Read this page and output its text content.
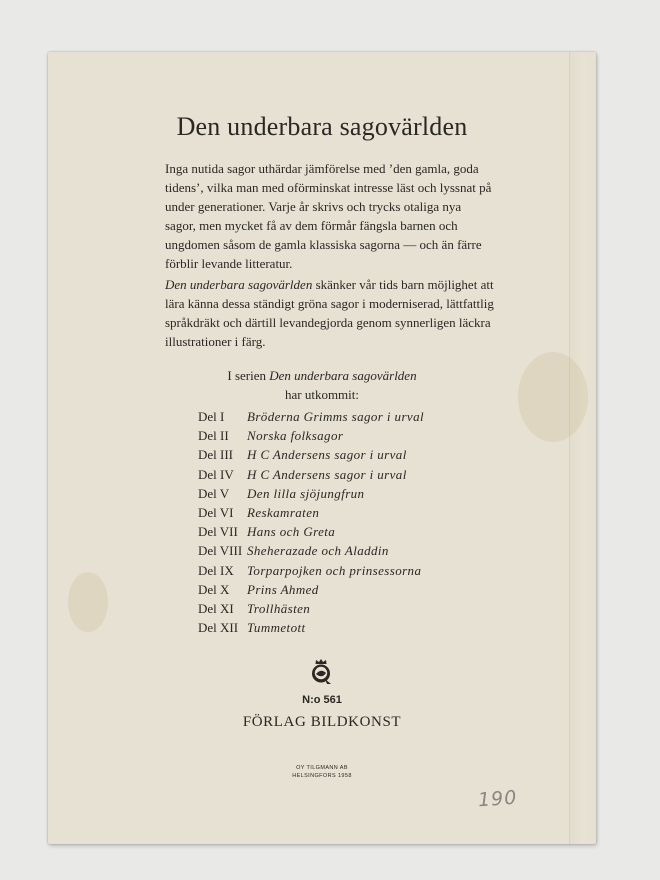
Den underbara sagovärlden

Inga nutida sagor uthärdar jämförelse med ’den gamla, goda tidens’, vilka man med oförminskat intresse läst och lyssnat på under generationer. Varje år skrivs och trycks otaliga nya sagor, men mycket få av dem förmår fängsla barnen och ungdomen såsom de gamla klassiska sagorna — och än färre förblir levande litteratur.

Den underbara sagovärlden skänker vår tids barn möjlighet att lära känna dessa ständigt gröna sagor i moderniserad, lättfattlig språkdräkt och därtill levandegjorda genom synnerligen läckra illustrationer i färg.

I serien Den underbara sagovärlden
har utkommit:
Del I Bröderna Grimms sagor i urval
Del II Norska folksagor
Del III H C Andersens sagor i urval
Del IV H C Andersens sagor i urval
Del V Den lilla sjöjungfrun
Del VI Reskamraten
Del VII Hans och Greta
Del VIII Sheherazade och Aladdin
Del IX Torparpojken och prinsessorna
Del X Prins Ahmed
Del XI Trollhästen
Del XII Tummetott
N:o 561
FÖRLAG BILDKONST
OY TILGMANN AB
HELSINGFORS 1958
190
